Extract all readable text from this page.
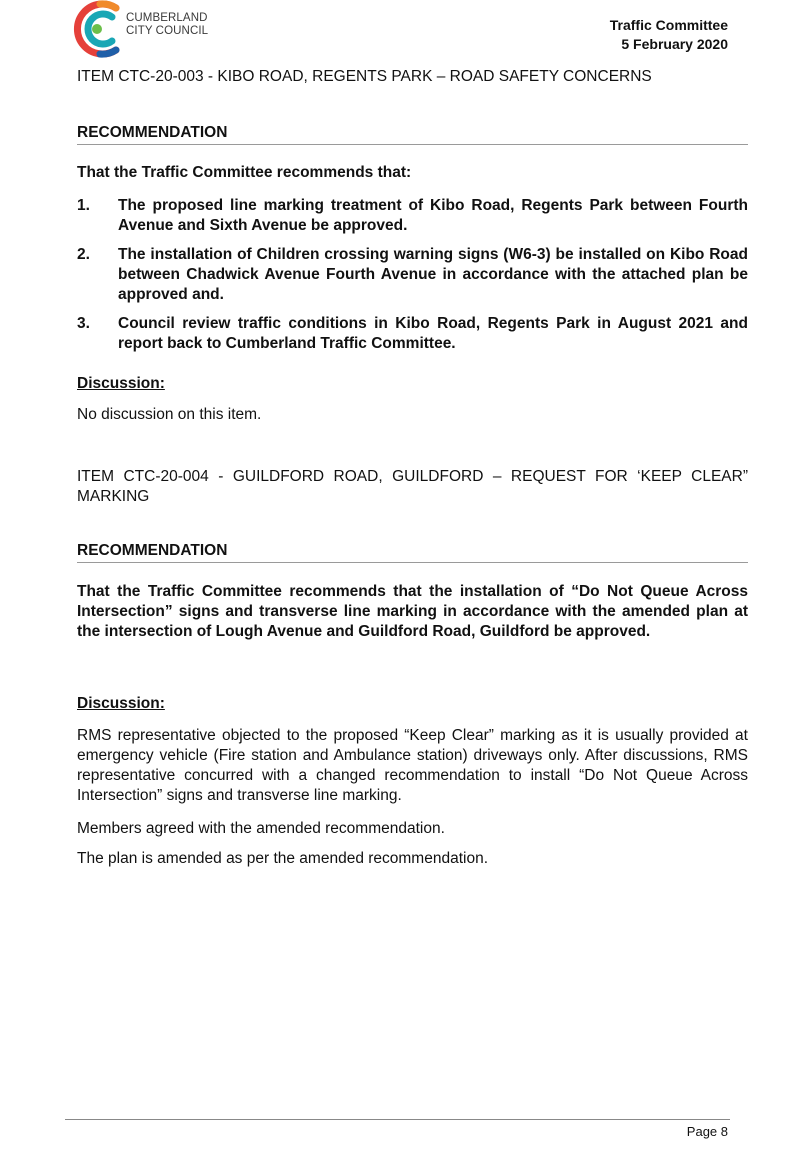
CUMBERLAND
CITY COUNCIL	Traffic Committee
5 February 2020
ITEM CTC-20-003 - KIBO ROAD, REGENTS PARK – ROAD SAFETY CONCERNS
RECOMMENDATION
That the Traffic Committee recommends that:
1. The proposed line marking treatment of Kibo Road, Regents Park between Fourth Avenue and Sixth Avenue be approved.
2. The installation of Children crossing warning signs (W6-3) be installed on Kibo Road between Chadwick Avenue Fourth Avenue in accordance with the attached plan be approved and.
3. Council review traffic conditions in Kibo Road, Regents Park in August 2021 and report back to Cumberland Traffic Committee.
Discussion:
No discussion on this item.
ITEM CTC-20-004 - GUILDFORD ROAD, GUILDFORD – REQUEST FOR ‘KEEP CLEAR” MARKING
RECOMMENDATION
That the Traffic Committee recommends that the installation of “Do Not Queue Across Intersection” signs and transverse line marking in accordance with the amended plan at the intersection of Lough Avenue and Guildford Road, Guildford be approved.
Discussion:
RMS representative objected to the proposed “Keep Clear” marking as it is usually provided at emergency vehicle (Fire station and Ambulance station) driveways only. After discussions, RMS representative concurred with a changed recommendation to install “Do Not Queue Across Intersection” signs and transverse line marking.
Members agreed with the amended recommendation.
The plan is amended as per the amended recommendation.
Page 8
